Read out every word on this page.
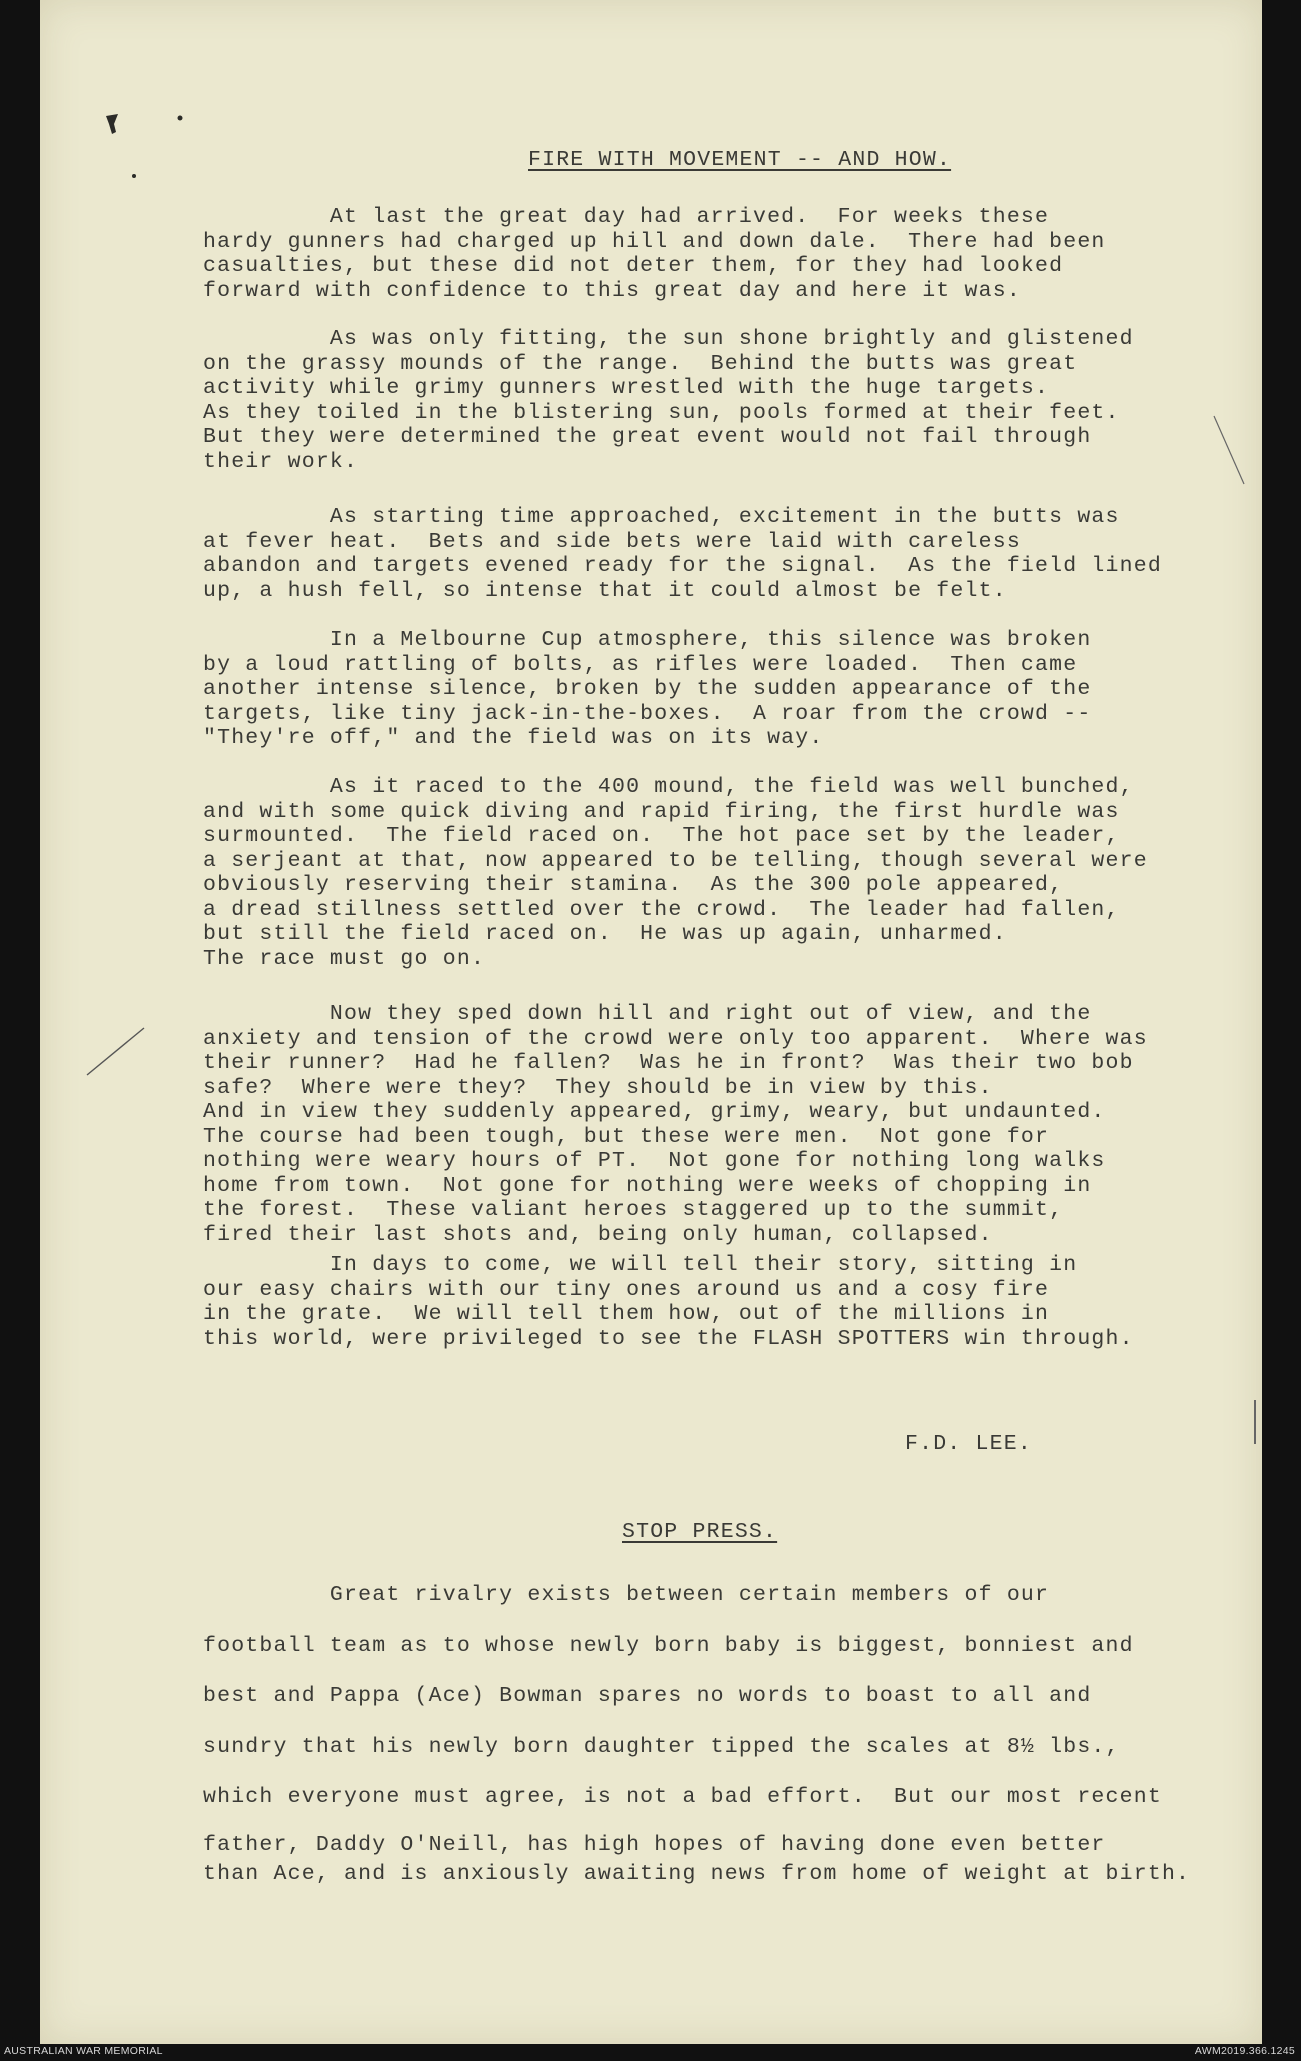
FIRE WITH MOVEMENT -- AND HOW.

At last the great day had arrived.  For weeks these
hardy gunners had charged up hill and down dale.  There had been
casualties, but these did not deter them, for they had looked
forward with confidence to this great day and here it was.

As was only fitting, the sun shone brightly and glistened
on the grassy mounds of the range.  Behind the butts was great
activity while grimy gunners wrestled with the huge targets.
As they toiled in the blistering sun, pools formed at their feet.
But they were determined the great event would not fail through
their work.

As starting time approached, excitement in the butts was
at fever heat.  Bets and side bets were laid with careless
abandon and targets evened ready for the signal.  As the field lined
up, a hush fell, so intense that it could almost be felt.

In a Melbourne Cup atmosphere, this silence was broken
by a loud rattling of bolts, as rifles were loaded.  Then came
another intense silence, broken by the sudden appearance of the
targets, like tiny jack-in-the-boxes.  A roar from the crowd --
"They're off," and the field was on its way.

As it raced to the 400 mound, the field was well bunched,
and with some quick diving and rapid firing, the first hurdle was
surmounted.  The field raced on.  The hot pace set by the leader,
a serjeant at that, now appeared to be telling, though several were
obviously reserving their stamina.  As the 300 pole appeared,
a dread stillness settled over the crowd.  The leader had fallen,
but still the field raced on.  He was up again, unharmed.
The race must go on.

Now they sped down hill and right out of view, and the
anxiety and tension of the crowd were only too apparent.  Where was
their runner?  Had he fallen?  Was he in front?  Was their two bob
safe?  Where were they?  They should be in view by this.
And in view they suddenly appeared, grimy, weary, but undaunted.
The course had been tough, but these were men.  Not gone for
nothing were weary hours of PT.  Not gone for nothing long walks
home from town.  Not gone for nothing were weeks of chopping in
the forest.  These valiant heroes staggered up to the summit,
fired their last shots and, being only human, collapsed.

In days to come, we will tell their story, sitting in
our easy chairs with our tiny ones around us and a cosy fire
in the grate.  We will tell them how, out of the millions in
this world, were privileged to see the FLASH SPOTTERS win through.

F.D. LEE.

STOP PRESS.

Great rivalry exists between certain members of our
football team as to whose newly born baby is biggest, bonniest and
best and Pappa (Ace) Bowman spares no words to boast to all and
sundry that his newly born daughter tipped the scales at 8½ lbs.,
which everyone must agree, is not a bad effort.  But our most recent
father, Daddy O'Neill, has high hopes of having done even better
than Ace, and is anxiously awaiting news from home of weight at birth.
AUSTRALIAN WAR MEMORIAL	AWM2019.366.1245
